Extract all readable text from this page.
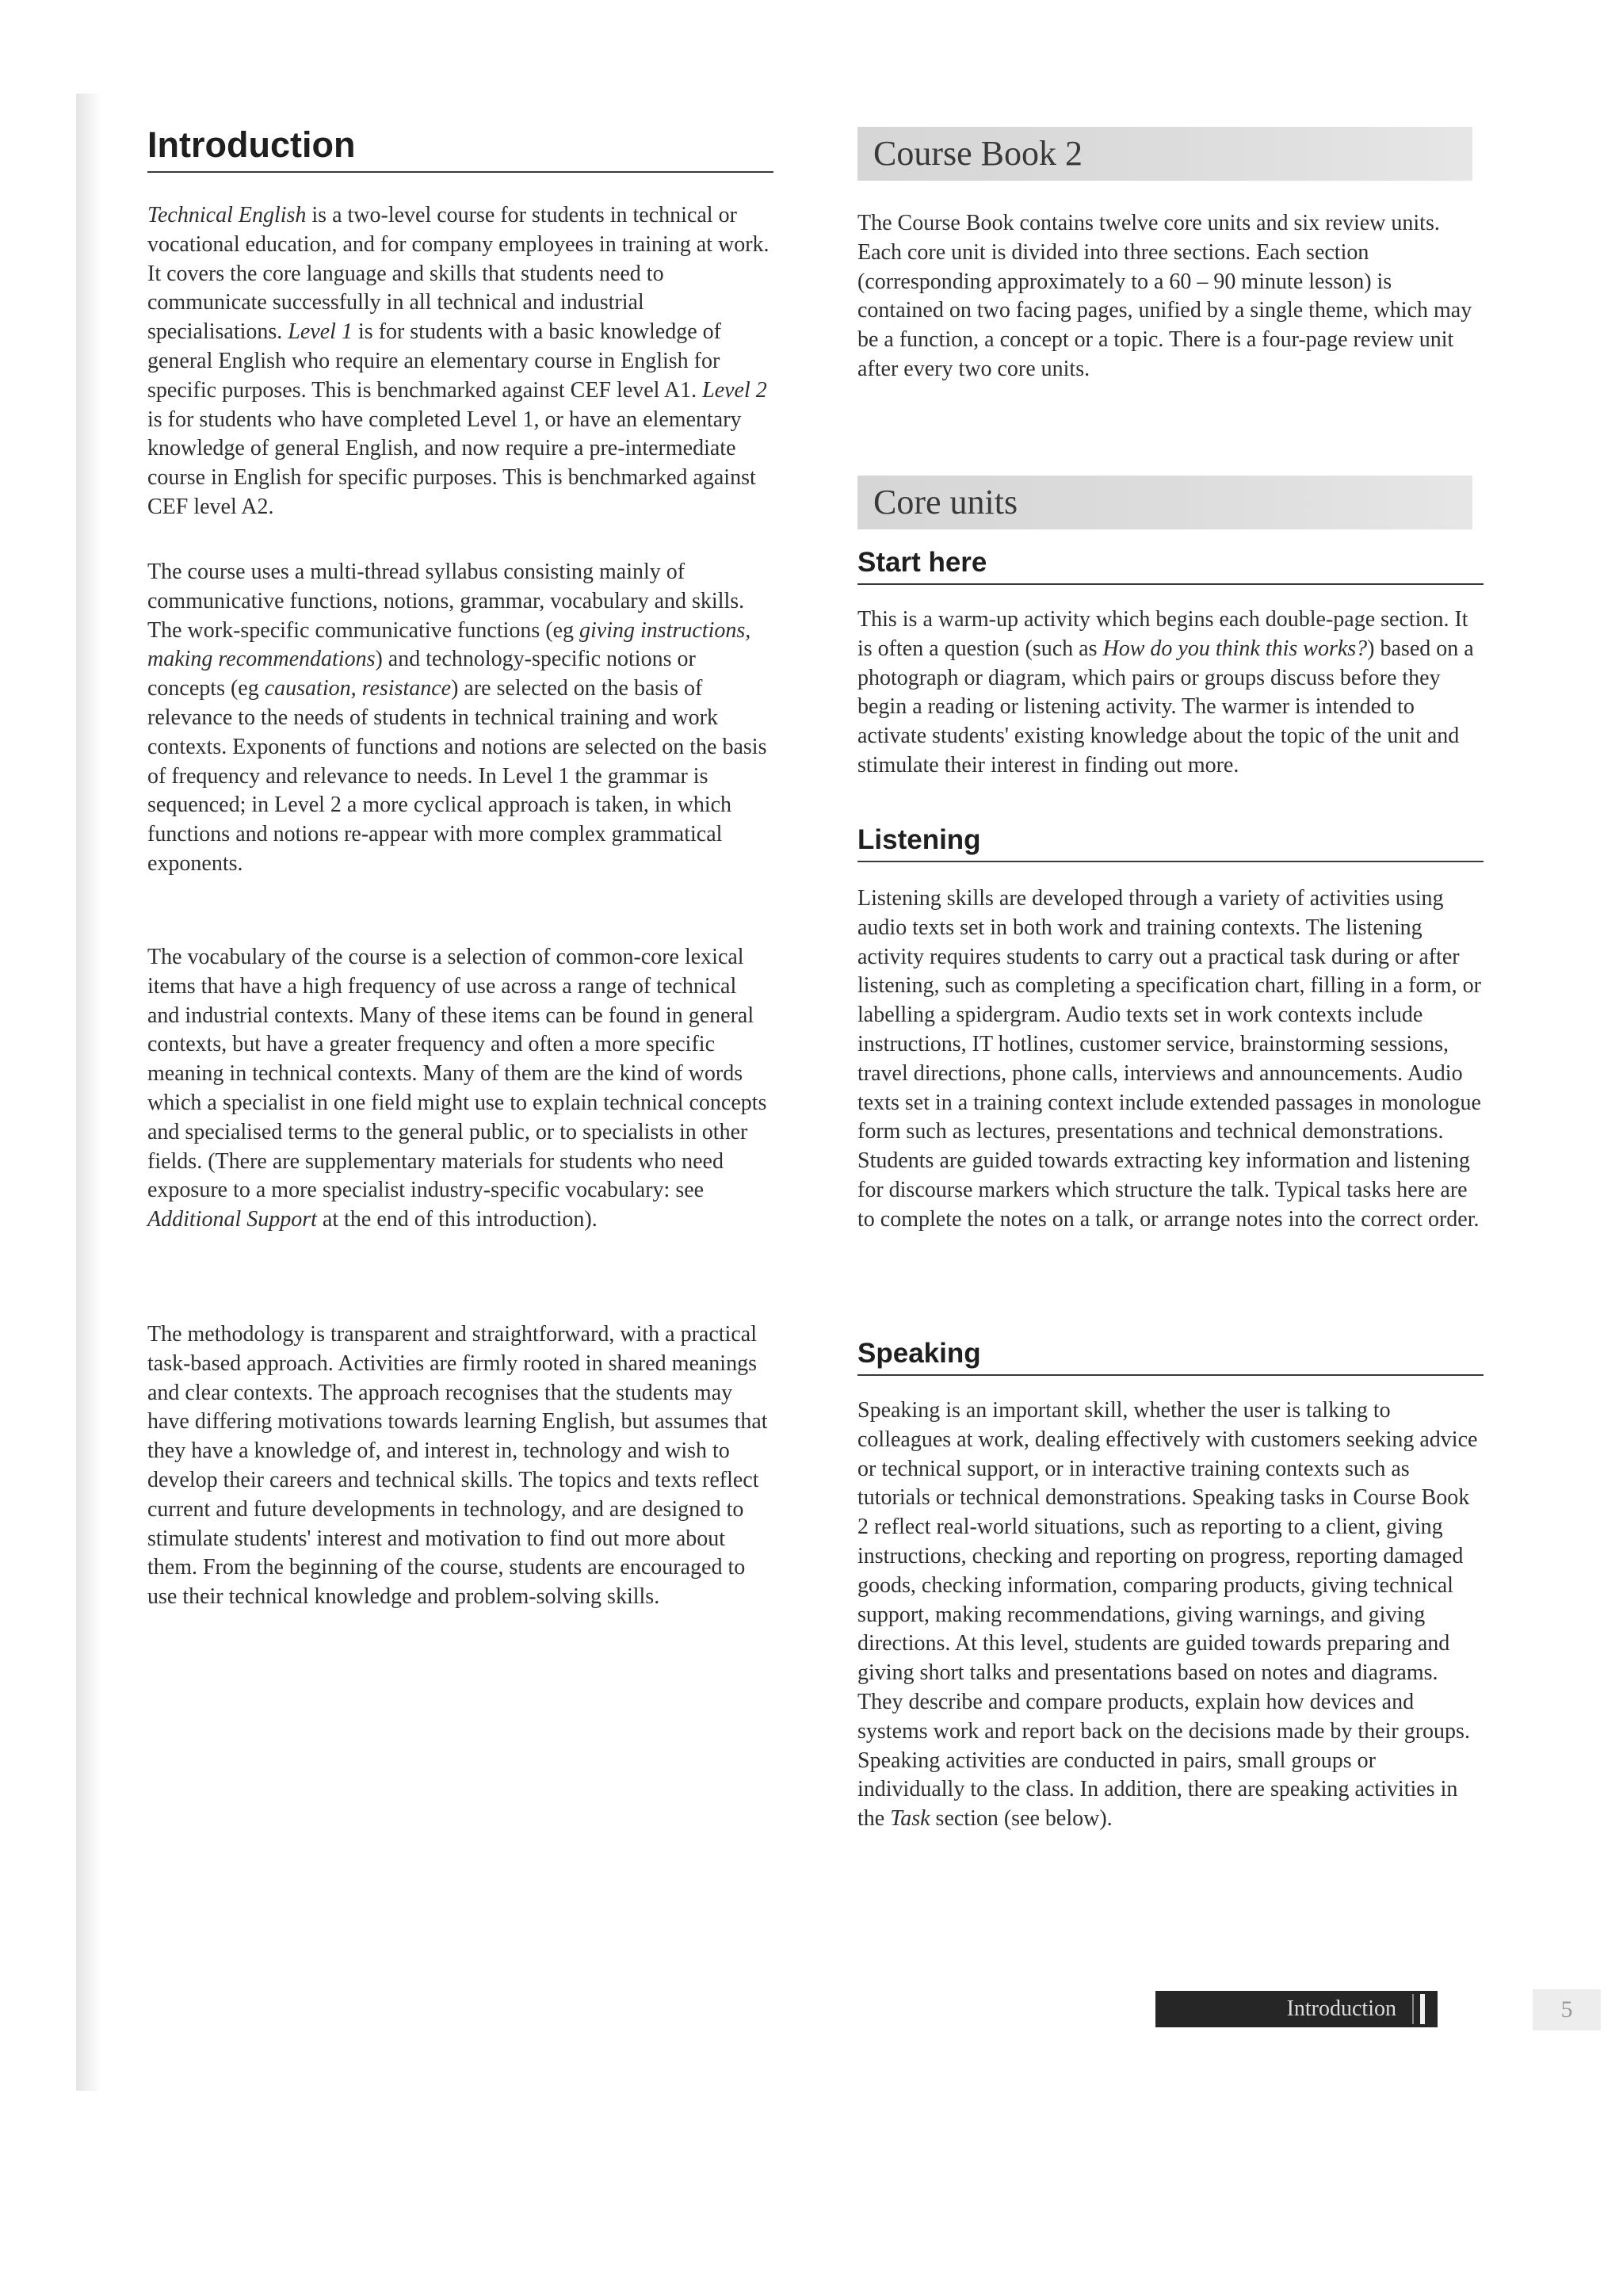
Introduction

Technical English is a two-level course for students in technical or vocational education, and for company employees in training at work. It covers the core language and skills that students need to communicate successfully in all technical and industrial specialisations. Level 1 is for students with a basic knowledge of general English who require an elementary course in English for specific purposes. This is benchmarked against CEF level A1. Level 2 is for students who have completed Level 1, or have an elementary knowledge of general English, and now require a pre-intermediate course in English for specific purposes. This is benchmarked against CEF level A2.

The course uses a multi-thread syllabus consisting mainly of communicative functions, notions, grammar, vocabulary and skills. The work-specific communicative functions (eg giving instructions, making recommendations) and technology-specific notions or concepts (eg causation, resistance) are selected on the basis of relevance to the needs of students in technical training and work contexts. Exponents of functions and notions are selected on the basis of frequency and relevance to needs. In Level 1 the grammar is sequenced; in Level 2 a more cyclical approach is taken, in which functions and notions re-appear with more complex grammatical exponents.

The vocabulary of the course is a selection of common-core lexical items that have a high frequency of use across a range of technical and industrial contexts. Many of these items can be found in general contexts, but have a greater frequency and often a more specific meaning in technical contexts. Many of them are the kind of words which a specialist in one field might use to explain technical concepts and specialised terms to the general public, or to specialists in other fields. (There are supplementary materials for students who need exposure to a more specialist industry-specific vocabulary: see Additional Support at the end of this introduction).

The methodology is transparent and straightforward, with a practical task-based approach. Activities are firmly rooted in shared meanings and clear contexts. The approach recognises that the students may have differing motivations towards learning English, but assumes that they have a knowledge of, and interest in, technology and wish to develop their careers and technical skills. The topics and texts reflect current and future developments in technology, and are designed to stimulate students' interest and motivation to find out more about them. From the beginning of the course, students are encouraged to use their technical knowledge and problem-solving skills.

Course Book 2

The Course Book contains twelve core units and six review units. Each core unit is divided into three sections. Each section (corresponding approximately to a 60 – 90 minute lesson) is contained on two facing pages, unified by a single theme, which may be a function, a concept or a topic. There is a four-page review unit after every two core units.

Core units
Start here

This is a warm-up activity which begins each double-page section. It is often a question (such as How do you think this works?) based on a photograph or diagram, which pairs or groups discuss before they begin a reading or listening activity. The warmer is intended to activate students' existing knowledge about the topic of the unit and stimulate their interest in finding out more.

Listening

Listening skills are developed through a variety of activities using audio texts set in both work and training contexts. The listening activity requires students to carry out a practical task during or after listening, such as completing a specification chart, filling in a form, or labelling a spidergram. Audio texts set in work contexts include instructions, IT hotlines, customer service, brainstorming sessions, travel directions, phone calls, interviews and announcements. Audio texts set in a training context include extended passages in monologue form such as lectures, presentations and technical demonstrations. Students are guided towards extracting key information and listening for discourse markers which structure the talk. Typical tasks here are to complete the notes on a talk, or arrange notes into the correct order.

Speaking

Speaking is an important skill, whether the user is talking to colleagues at work, dealing effectively with customers seeking advice or technical support, or in interactive training contexts such as tutorials or technical demonstrations. Speaking tasks in Course Book 2 reflect real-world situations, such as reporting to a client, giving instructions, checking and reporting on progress, reporting damaged goods, checking information, comparing products, giving technical support, making recommendations, giving warnings, and giving directions. At this level, students are guided towards preparing and giving short talks and presentations based on notes and diagrams. They describe and compare products, explain how devices and systems work and report back on the decisions made by their groups. Speaking activities are conducted in pairs, small groups or individually to the class. In addition, there are speaking activities in the Task section (see below).

Introduction	5
